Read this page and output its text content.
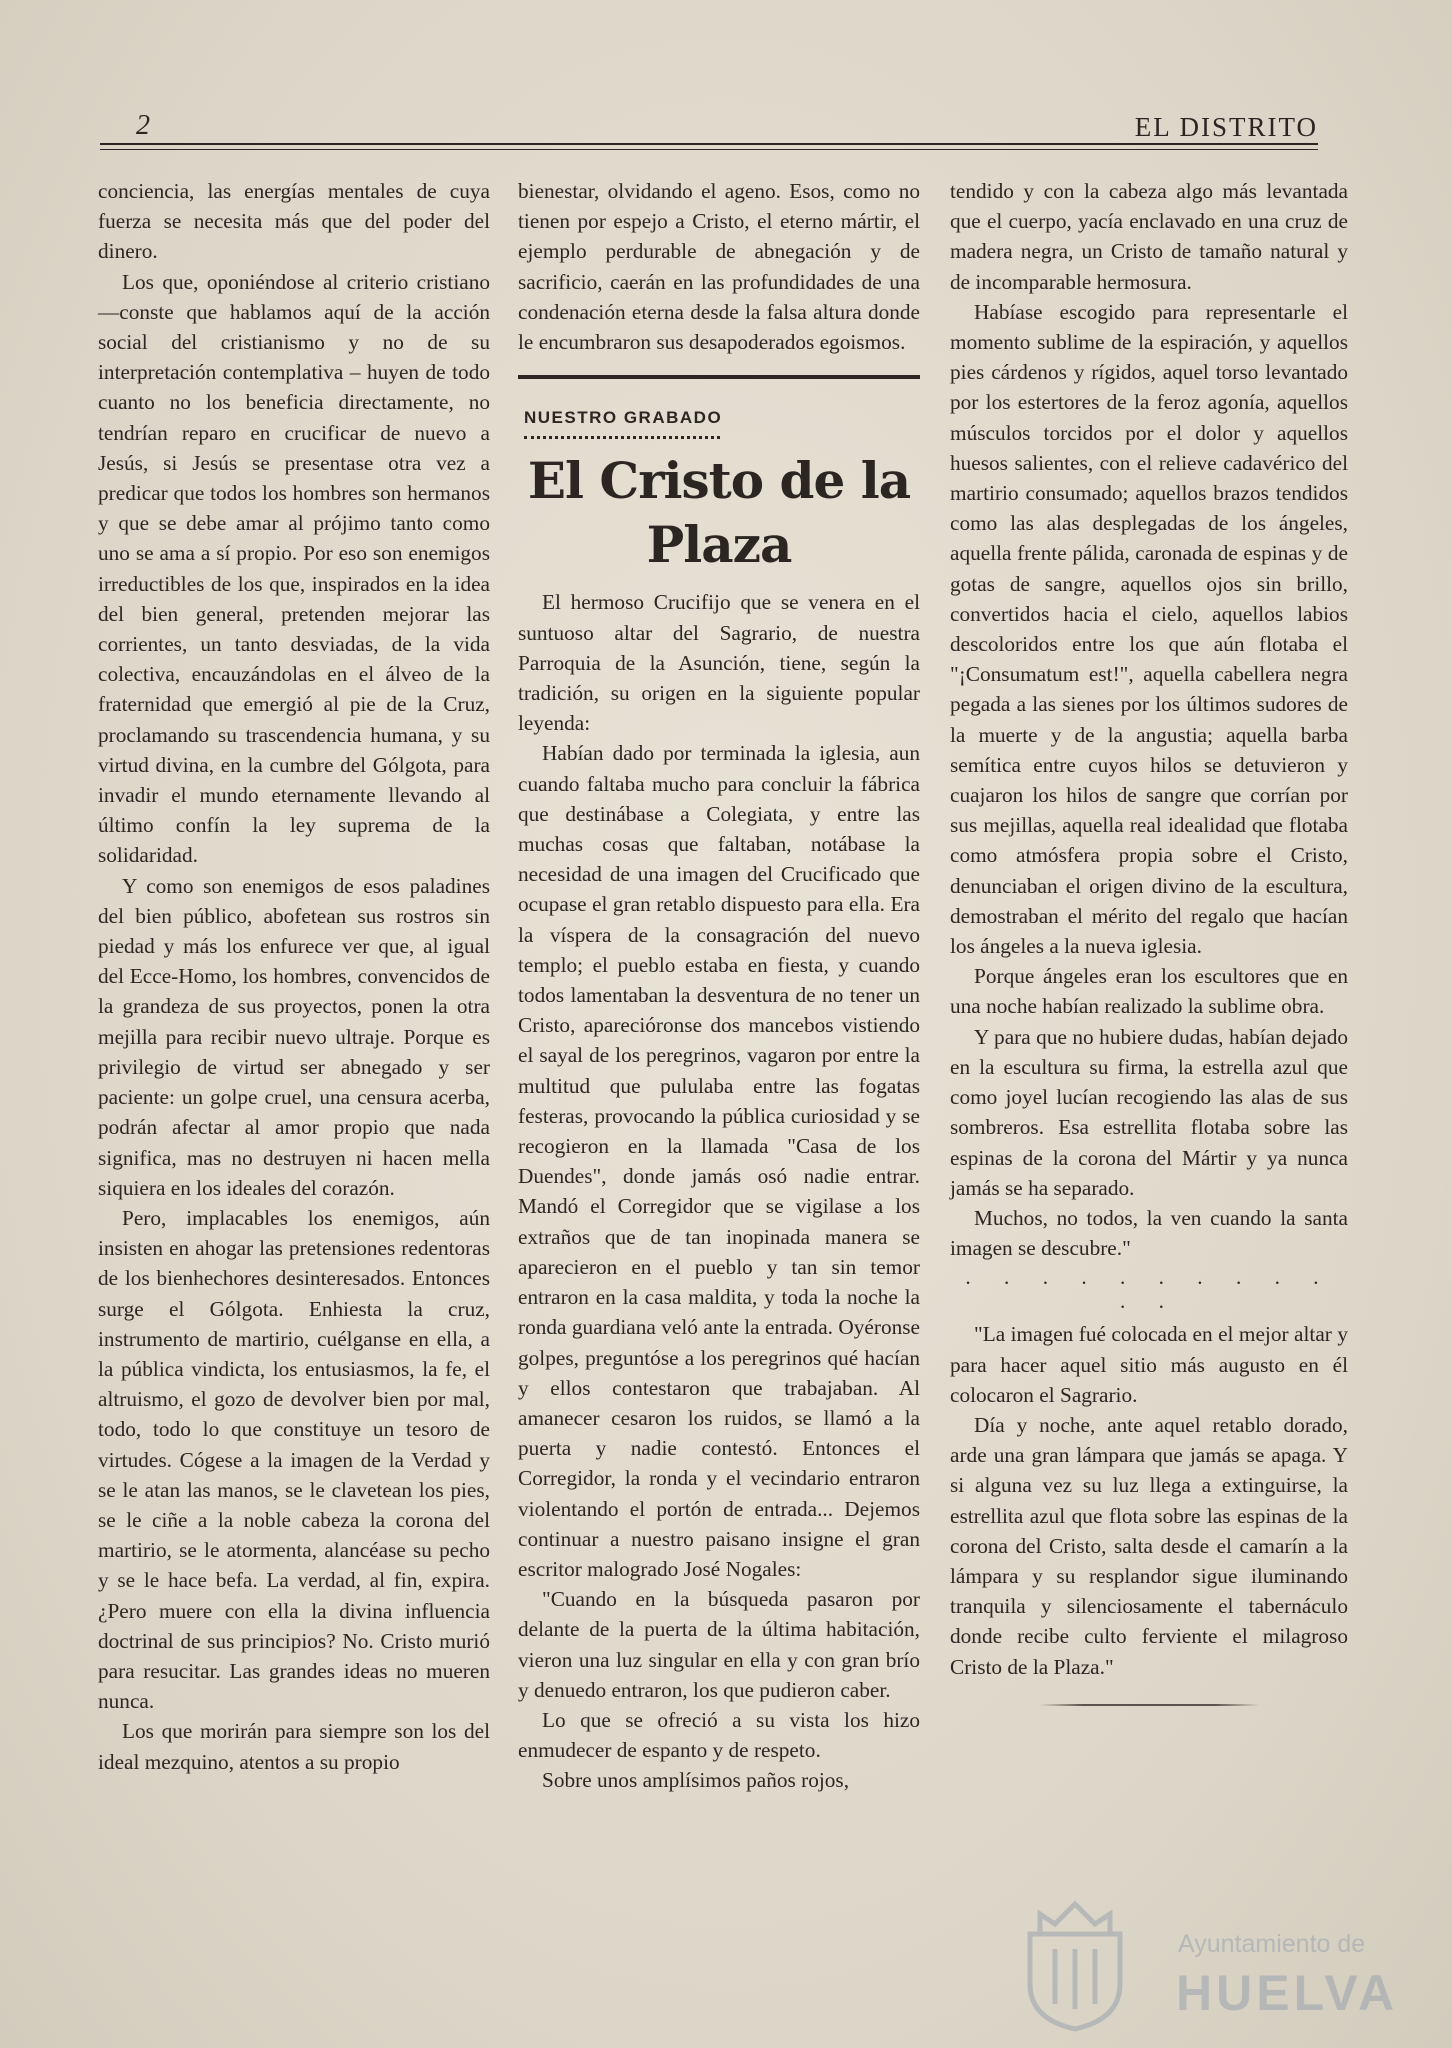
2	EL DISTRITO

conciencia, las energías mentales de cuya fuerza se necesita más que del poder del dinero.

Los que, oponiéndose al criterio cristiano—conste que hablamos aquí de la acción social del cristianismo y no de su interpretación contemplativa – huyen de todo cuanto no los beneficia directamente, no tendrían reparo en crucificar de nuevo a Jesús, si Jesús se presentase otra vez a predicar que todos los hombres son hermanos y que se debe amar al prójimo tanto como uno se ama a sí propio. Por eso son enemigos irreductibles de los que, inspirados en la idea del bien general, pretenden mejorar las corrientes, un tanto desviadas, de la vida colectiva, encauzándolas en el álveo de la fraternidad que emergió al pie de la Cruz, proclamando su trascendencia humana, y su virtud divina, en la cumbre del Gólgota, para invadir el mundo eternamente llevando al último confín la ley suprema de la solidaridad.

Y como son enemigos de esos paladines del bien público, abofetean sus rostros sin piedad y más los enfurece ver que, al igual del Ecce-Homo, los hombres, convencidos de la grandeza de sus proyectos, ponen la otra mejilla para recibir nuevo ultraje. Porque es privilegio de virtud ser abnegado y ser paciente: un golpe cruel, una censura acerba, podrán afectar al amor propio que nada significa, mas no destruyen ni hacen mella siquiera en los ideales del corazón.

Pero, implacables los enemigos, aún insisten en ahogar las pretensiones redentoras de los bienhechores desinteresados. Entonces surge el Gólgota. Enhiesta la cruz, instrumento de martirio, cuélganse en ella, a la pública vindicta, los entusiasmos, la fe, el altruismo, el gozo de devolver bien por mal, todo, todo lo que constituye un tesoro de virtudes. Cógese a la imagen de la Verdad y se le atan las manos, se le clavetean los pies, se le ciñe a la noble cabeza la corona del martirio, se le atormenta, alancéase su pecho y se le hace befa. La verdad, al fin, expira. ¿Pero muere con ella la divina influencia doctrinal de sus principios? No. Cristo murió para resucitar. Las grandes ideas no mueren nunca.

Los que morirán para siempre son los del ideal mezquino, atentos a su propio

bienestar, olvidando el ageno. Esos, como no tienen por espejo a Cristo, el eterno mártir, el ejemplo perdurable de abnegación y de sacrificio, caerán en las profundidades de una condenación eterna desde la falsa altura donde le encumbraron sus desapoderados egoismos.

NUESTRO GRABADO
El Cristo de la Plaza

El hermoso Crucifijo que se venera en el suntuoso altar del Sagrario, de nuestra Parroquia de la Asunción, tiene, según la tradición, su origen en la siguiente popular leyenda:

Habían dado por terminada la iglesia, aun cuando faltaba mucho para concluir la fábrica que destinábase a Colegiata, y entre las muchas cosas que faltaban, notábase la necesidad de una imagen del Crucificado que ocupase el gran retablo dispuesto para ella. Era la víspera de la consagración del nuevo templo; el pueblo estaba en fiesta, y cuando todos lamentaban la desventura de no tener un Cristo, aparecióronse dos mancebos vistiendo el sayal de los peregrinos, vagaron por entre la multitud que pululaba entre las fogatas festeras, provocando la pública curiosidad y se recogieron en la llamada "Casa de los Duendes", donde jamás osó nadie entrar. Mandó el Corregidor que se vigilase a los extraños que de tan inopinada manera se aparecieron en el pueblo y tan sin temor entraron en la casa maldita, y toda la noche la ronda guardiana veló ante la entrada. Oyéronse golpes, preguntóse a los peregrinos qué hacían y ellos contestaron que trabajaban. Al amanecer cesaron los ruidos, se llamó a la puerta y nadie contestó. Entonces el Corregidor, la ronda y el vecindario entraron violentando el portón de entrada... Dejemos continuar a nuestro paisano insigne el gran escritor malogrado José Nogales:

"Cuando en la búsqueda pasaron por delante de la puerta de la última habitación, vieron una luz singular en ella y con gran brío y denuedo entraron, los que pudieron caber.

Lo que se ofreció a su vista los hizo enmudecer de espanto y de respeto.

Sobre unos amplísimos paños rojos,

tendido y con la cabeza algo más levantada que el cuerpo, yacía enclavado en una cruz de madera negra, un Cristo de tamaño natural y de incomparable hermosura.

Habíase escogido para representarle el momento sublime de la espiración, y aquellos pies cárdenos y rígidos, aquel torso levantado por los estertores de la feroz agonía, aquellos músculos torcidos por el dolor y aquellos huesos salientes, con el relieve cadavérico del martirio consumado; aquellos brazos tendidos como las alas desplegadas de los ángeles, aquella frente pálida, caronada de espinas y de gotas de sangre, aquellos ojos sin brillo, convertidos hacia el cielo, aquellos labios descoloridos entre los que aún flotaba el "¡Consumatum est!", aquella cabellera negra pegada a las sienes por los últimos sudores de la muerte y de la angustia; aquella barba semítica entre cuyos hilos se detuvieron y cuajaron los hilos de sangre que corrían por sus mejillas, aquella real idealidad que flotaba como atmósfera propia sobre el Cristo, denunciaban el origen divino de la escultura, demostraban el mérito del regalo que hacían los ángeles a la nueva iglesia.

Porque ángeles eran los escultores que en una noche habían realizado la sublime obra.

Y para que no hubiere dudas, habían dejado en la escultura su firma, la estrella azul que como joyel lucían recogiendo las alas de sus sombreros. Esa estrellita flotaba sobre las espinas de la corona del Mártir y ya nunca jamás se ha separado.

Muchos, no todos, la ven cuando la santa imagen se descubre."

. . . . . . . . . . . .

"La imagen fué colocada en el mejor altar y para hacer aquel sitio más augusto en él colocaron el Sagrario.

Día y noche, ante aquel retablo dorado, arde una gran lámpara que jamás se apaga. Y si alguna vez su luz llega a extinguirse, la estrellita azul que flota sobre las espinas de la corona del Cristo, salta desde el camarín a la lámpara y su resplandor sigue iluminando tranquila y silenciosamente el tabernáculo donde recibe culto ferviente el milagroso Cristo de la Plaza."

Ayuntamiento de
HUELVA
